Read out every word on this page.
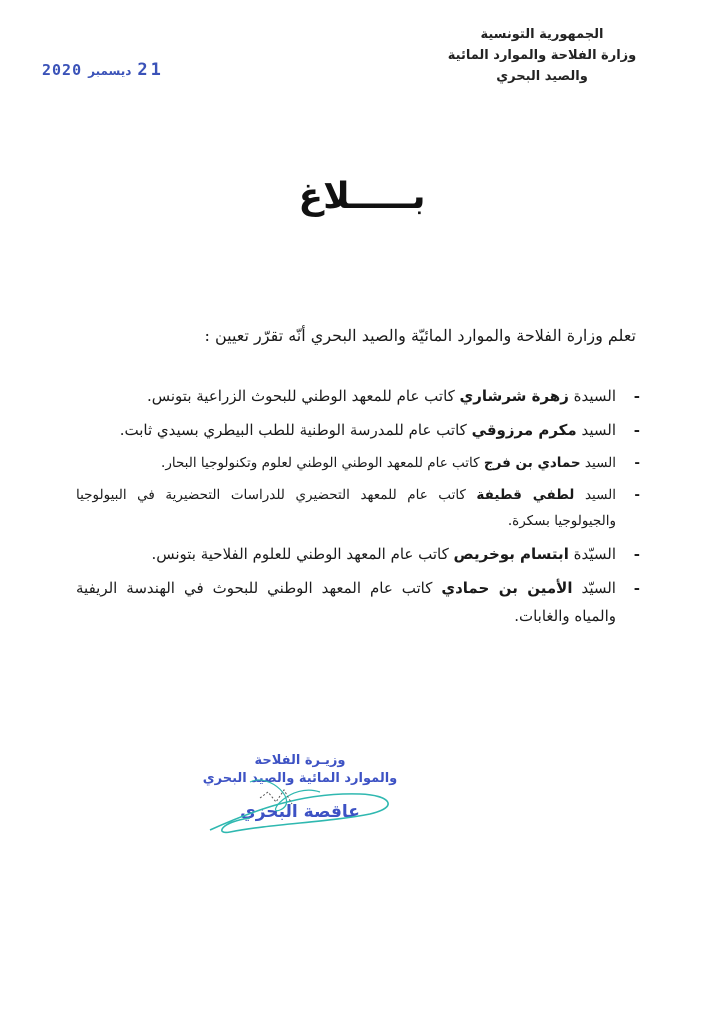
الجمهورية التونسية
وزارة الفلاحة والموارد المائية
والصيد البحري
2020 ديسمبر 21
بـــــلاغ
تعلم وزارة الفلاحة والموارد المائيّة والصيد البحري أنّه تقرّر تعيين :
-
السيدة زهرة شرشاري كاتب عام للمعهد الوطني للبحوث الزراعية بتونس.
-
السيد مكرم مرزوقي كاتب عام للمدرسة الوطنية للطب البيطري بسيدي ثابت.
-
السيد حمادي بن فرج كاتب عام للمعهد الوطني الوطني لعلوم وتكنولوجيا البحار.
-
السيد لطفي قطيفة كاتب عام للمعهد التحضيري للدراسات التحضيرية في البيولوجيا والجيولوجيا بسكرة.
-
السيّدة ابتسام بوخريص كاتب عام المعهد الوطني للعلوم الفلاحية بتونس.
-
السيّد الأمين بن حمادي كاتب عام المعهد الوطني للبحوث في الهندسة الريفية والمياه والغابات.
وزيـرة الفلاحة
والموارد المائية والصيد البحري
عاقصة البحزي
